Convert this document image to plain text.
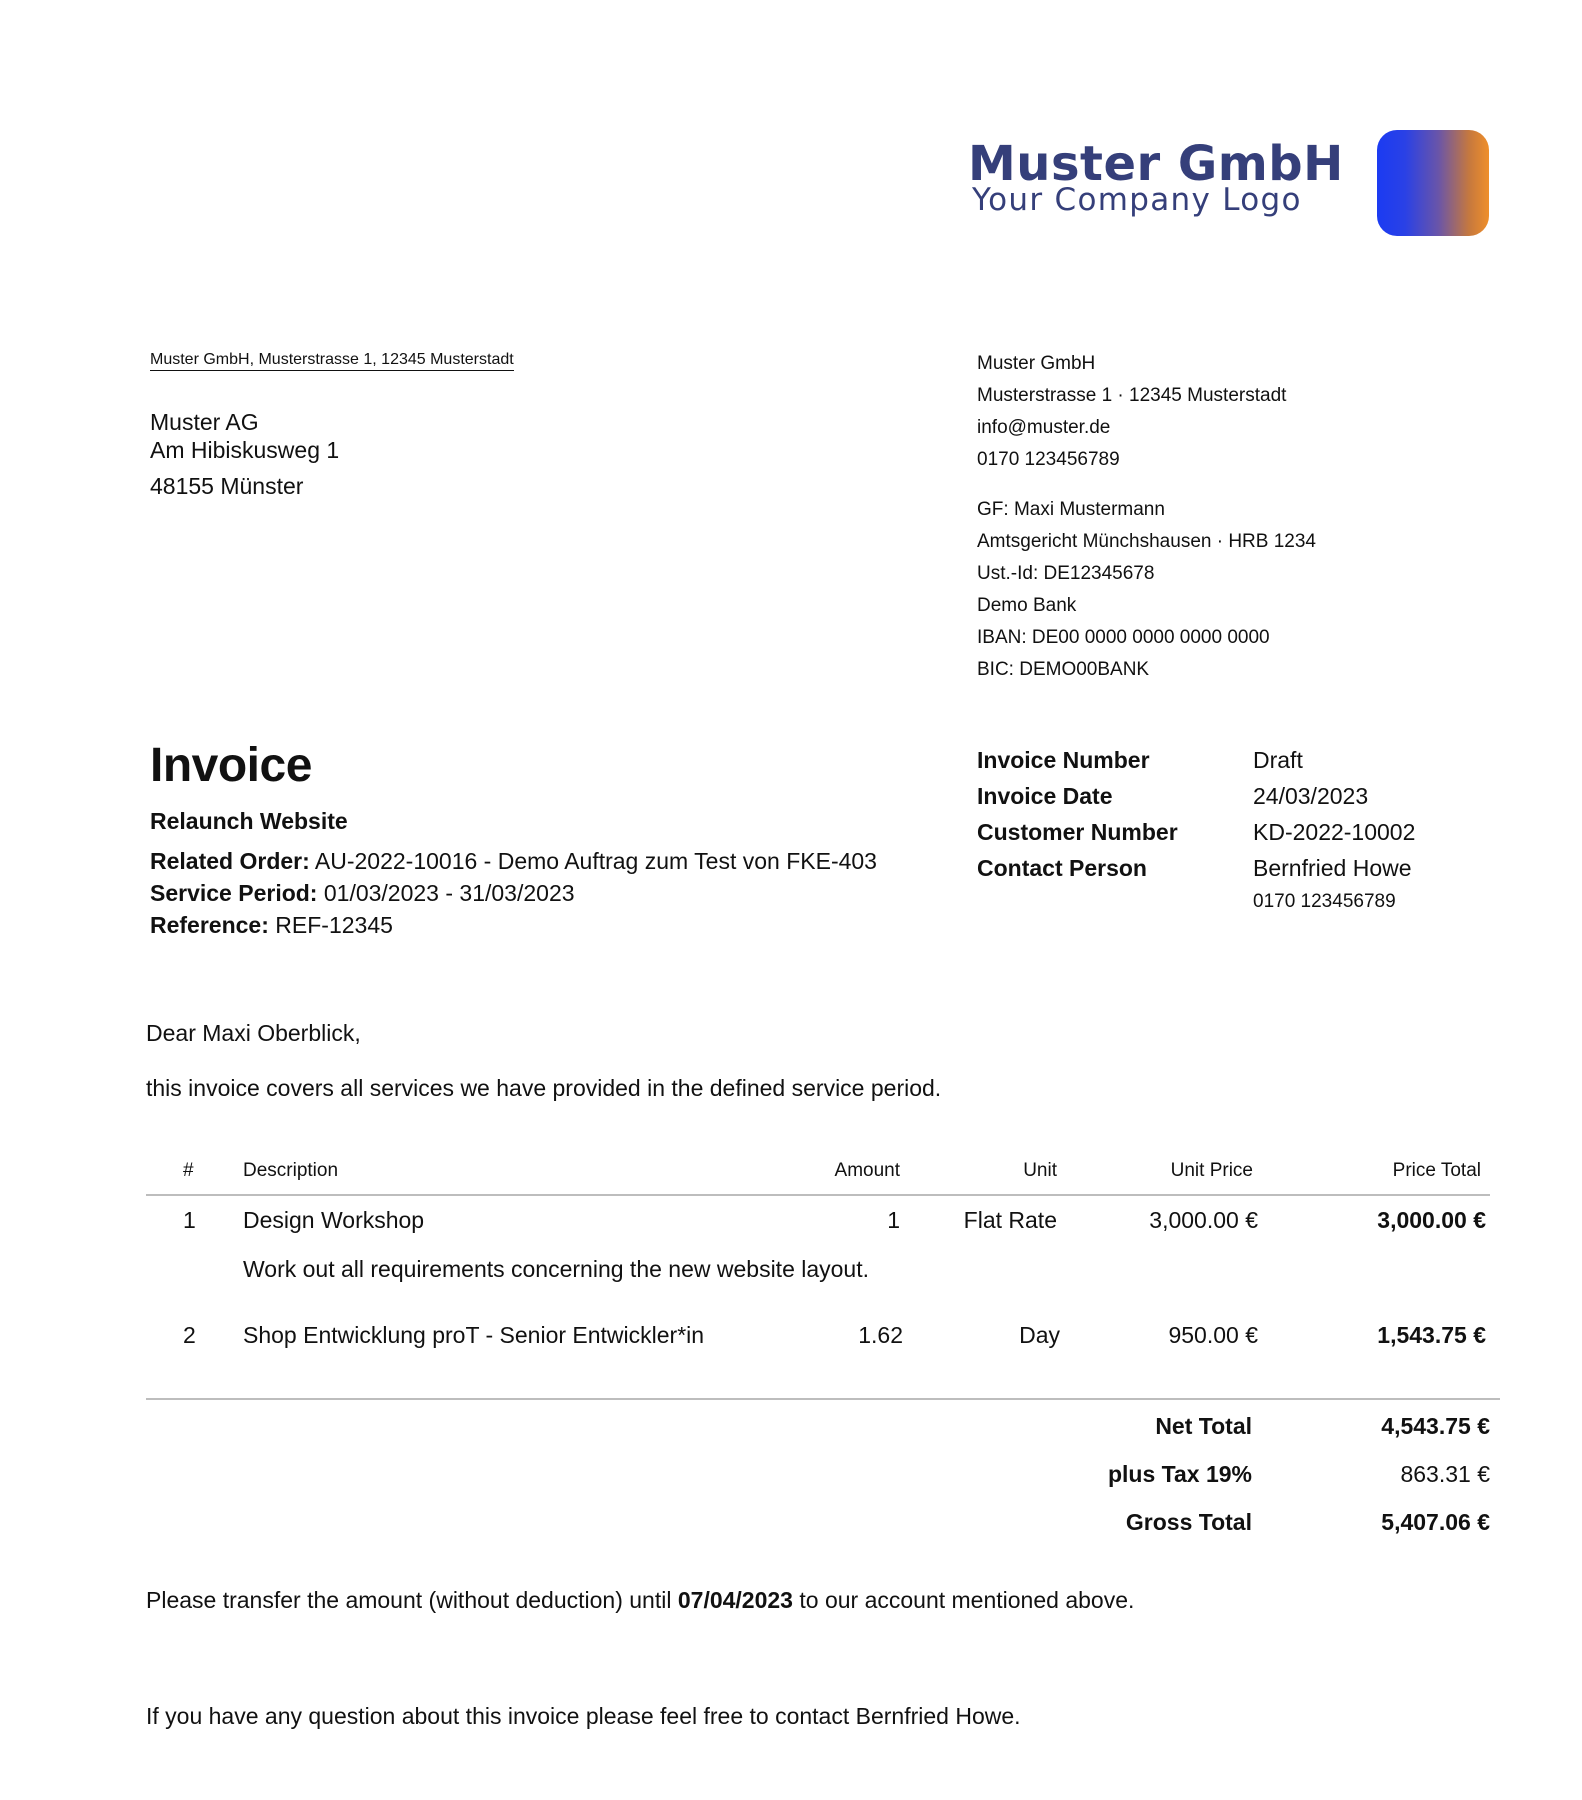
Muster GmbH
Your Company Logo
Muster GmbH, Musterstrasse 1, 12345 Musterstadt
Muster AG
Am Hibiskusweg 1
48155 Münster
Muster GmbH
Musterstrasse 1 · 12345 Musterstadt
info@muster.de
0170 123456789
GF: Maxi Mustermann
Amtsgericht Münchshausen · HRB 1234
Ust.-Id: DE12345678
Demo Bank
IBAN: DE00 0000 0000 0000 0000
BIC: DEMO00BANK
Invoice
Relaunch Website
Related Order: AU-2022-10016 - Demo Auftrag zum Test von FKE-403
Service Period: 01/03/2023 - 31/03/2023
Reference: REF-12345
Invoice Number	Draft
Invoice Date	24/03/2023
Customer Number	KD-2022-10002
Contact Person	Bernfried Howe
0170 123456789
Dear Maxi Oberblick,
this invoice covers all services we have provided in the defined service period.
#	Description	Amount	Unit	Unit Price	Price Total
1 Design Workshop	1	Flat Rate	3,000.00 €	3,000.00 €
Work out all requirements concerning the new website layout.
2 Shop Entwicklung proT - Senior Entwickler*in	1.62	Day	950.00 €	1,543.75 €
Net Total	4,543.75 €
plus Tax 19%	863.31 €
Gross Total	5,407.06 €
Please transfer the amount (without deduction) until 07/04/2023 to our account mentioned above.
If you have any question about this invoice please feel free to contact Bernfried Howe.
